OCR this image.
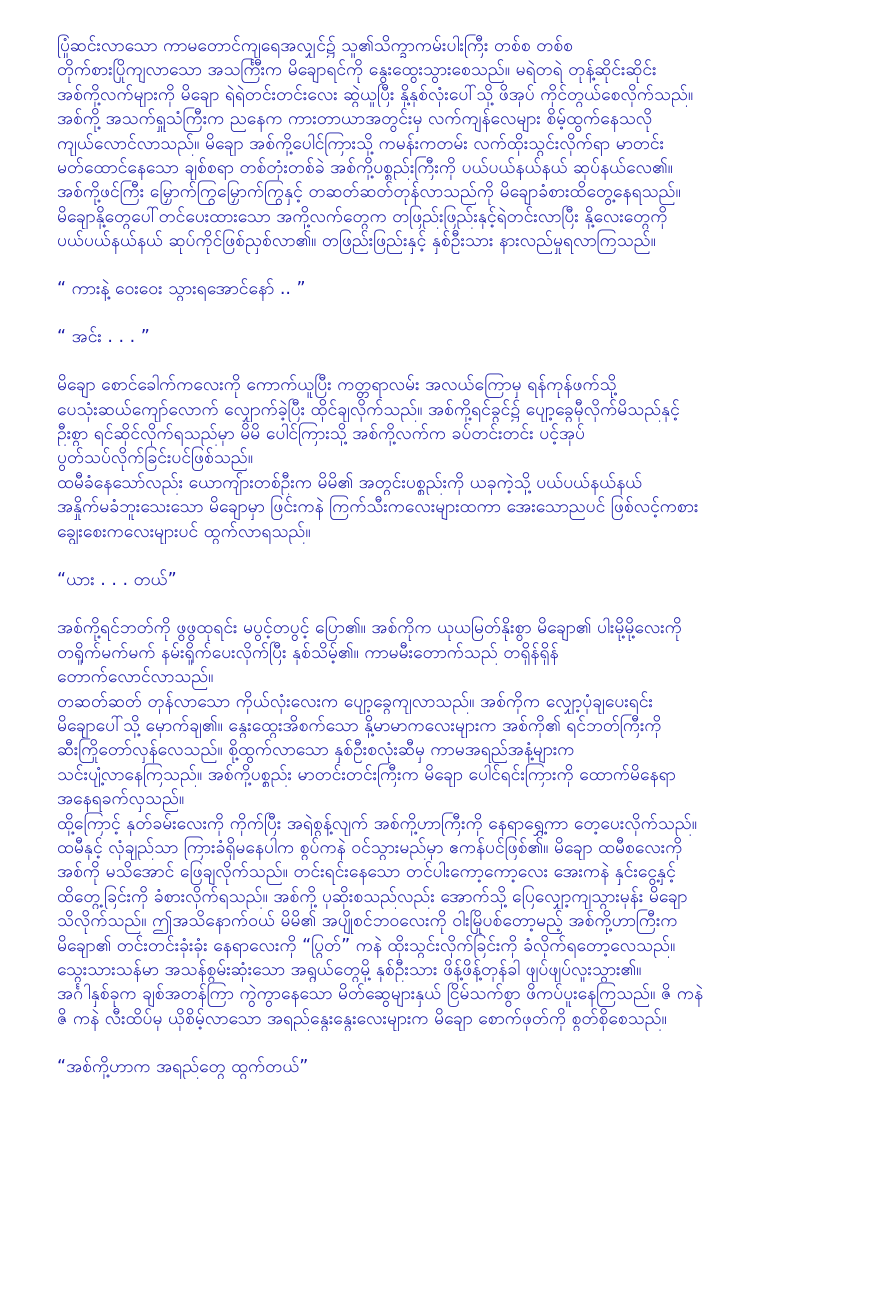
ပြုံဆင်းလာသော ကာမတောင်ကျရေအလျှင်၌ သူ၏သိက္ခာကမ်းပါးကြီး တစ်စ တစ်စ
တိုက်စားပြိုကျလာသော အသင်္ကြီးက မိချောရင်ကို နွေးထွေးသွားစေသည်။ မရဲတရဲ တုန့်ဆိုင်းဆိုင်း
အစ်ကို့လက်များကို မိချော ရဲရဲတင်းတင်းလေး ဆွဲယူပြီး နို့နှစ်လုံးပေါ်သို့ ဖိအုပ် ကိုင်တွယ်စေလိုက်သည်။
အစ်ကို့ အသက်ရှူသံကြီးက ညနေက ကားတာယာအတွင်းမှ လက်ကျန်လေများ စိမ့်ထွက်နေသလို
ကျယ်လောင်လာသည်။ မိချော အစ်ကို့ပေါင်ကြားသို့ ကမန်းကတမ်း လက်ထိုးသွင်းလိုက်ရာ မာတင်း
မတ်ထောင်နေသော ချစ်စရာ တစ်တုံးတစ်ခဲ အစ်ကို့ပစ္စည်းကြီးကို ပယ်ပယ်နယ်နယ် ဆုပ်နယ်လေ၏။
အစ်ကို့ဖင်ကြီး မြှောက်ကြွမြှောက်ကြွနှင့် တဆတ်ဆတ်တုန်လာသည်ကို မိချောခံစားထိတွေ့နေရသည်။
မိချောနို့တွေပေါ်တင်ပေးထားသော အကို့လက်တွေက တဖြည်းဖြည်းနှင့်ရဲတင်းလာပြီး နို့လေးတွေကို
ပယ်ပယ်နယ်နယ် ဆုပ်ကိုင်ဖြစ်ညှစ်လာ၏။ တဖြည်းဖြည်းနှင့် နှစ်ဦးသား နားလည်မှုရလာကြသည်။
“ ကားနဲ့ ဝေးဝေး သွားရအောင်နော် .. ”
“ အင်း . . . ”
မိချော စောင်ခေါက်ကလေးကို ကောက်ယူပြီး ကတ္တရာလမ်း အလယ်ကြောမှ ရန်ကုန်ဖက်သို့
ပေသုံးဆယ်ကျော်လောက် လျှောက်ခဲ့ပြီး ထိုင်ချလိုက်သည်။ အစ်ကို့ရင်ခွင်၌ ပျော့ခွေမှီလိုက်မိသည်နှင့်
ဦးစွာ ရင်ဆိုင်လိုက်ရသည်မှာ မိမိ ပေါင်ကြားသို့ အစ်ကို့လက်က ခပ်တင်းတင်း ပင့်အုပ်
ပွတ်သပ်လိုက်ခြင်းပင်ဖြစ်သည်။
ထမီခံနေသော်လည်း ယောကျ်ားတစ်ဦးက မိမိ၏ အတွင်းပစ္စည်းကို ယခုကဲ့သို့ ပယ်ပယ်နယ်နယ်
အနှိုက်မခံဘူးသေးသော မိချောမှာ ဖြင်းကနဲ ကြက်သီးကလေးများထကာ အေးသောညပင် ဖြစ်လင့်ကစား
ချွေးစေးကလေးများပင် ထွက်လာရသည်။
“ယား . . . တယ်”
အစ်ကို့ရင်ဘတ်ကို ဖွဖွထုရင်း မပွင့်တပွင့် ပြော၏။ အစ်ကိုက ယုယမြတ်နိုးစွာ မိချော၏ ပါးမို့မို့လေးကို
တရှိုက်မက်မက် နမ်းရှိုက်ပေးလိုက်ပြီး နှစ်သိမ့်၏။ ကာမမီးတောက်သည် တရှိန်ရှိန်
တောက်လောင်လာသည်။
တဆတ်ဆတ် တုန်လာသော ကိုယ်လုံးလေးက ပျော့ခွေကျလာသည်။ အစ်ကိုက လျှော့ပုံချပေးရင်း
မိချောပေါ်သို့ မှောက်ချ၏။ နွေးထွေးအိစက်သော နို့မာမာကလေးများက အစ်ကို၏ ရင်ဘတ်ကြီးကို
ဆီးကြိုတော်လှန်လေသည်။ စို့ထွက်လာသော နှစ်ဦးစလုံးဆီမှ ကာမအရည်အနံ့များက
သင်းပျံ့လာနေကြသည်။ အစ်ကို့ပစ္စည်း မာတင်းတင်းကြီးက မိချော ပေါင်ရင်းကြားကို ထောက်မိနေရာ
အနေရခက်လှသည်။
ထို့ကြောင့် နုတ်ခမ်းလေးကို ကိုက်ပြီး အရဲစွန့်လျက် အစ်ကို့ဟာကြီးကို နေရာရွှေ့ကာ တေ့ပေးလိုက်သည်။
ထမီနှင့် လုံချည်သာ ကြားခံရှိမနေပါက စွပ်ကနဲ ဝင်သွားမည်မှာ ဧကန်ပင်ဖြစ်၏။ မိချော ထမီစလေးကို
အစ်ကို မသိအောင် ဖြေချလိုက်သည်။ တင်းရင်းနေသော တင်ပါးကော့ကော့လေး အေးကနဲ နှင်းငွေ့နှင့်
ထိတွေ့ခြင်းကို ခံစားလိုက်ရသည်။ အစ်ကို့ ပုဆိုးစသည်လည်း အောက်သို့ ပြေလျှော့ကျသွားမှန်း မိချော
သိလိုက်သည်။ ဤအသိနောက်ဝယ် မိမိ၏ အပျိုစင်ဘဝလေးကို ဝါးမြိုပစ်တော့မည့် အစ်ကို့ဟာကြီးက
မိချော၏ တင်းတင်းခုံးခုံး နေရာလေးကို “ပြွတ်” ကနဲ ထိုးသွင်းလိုက်ခြင်းကို ခံလိုက်ရတော့လေသည်။
သွေးသားသန်မာ အသန်စွမ်းဆုံးသော အရွယ်တွေမို့ နှစ်ဦးသား ဖိန့်ဖိန့်တုန်ခါ ဖျပ်ဖျပ်လူးသွား၏။
အင်္ဂါနှစ်ခုက ချစ်အတန်ကြာ ကွဲကွာနေသော မိတ်ဆွေများနှယ် ငြိမ်သက်စွာ ဖိကပ်ပူးနေကြသည်။ ဇိ ကနဲ
ဇိ ကနဲ လီးထိပ်မှ ယိုစိမ့်လာသော အရည်နွေးနွေးလေးများက မိချော စောက်ဖုတ်ကို စွတ်စိုစေသည်။
“အစ်ကို့ဟာက အရည်တွေ ထွက်တယ်”
